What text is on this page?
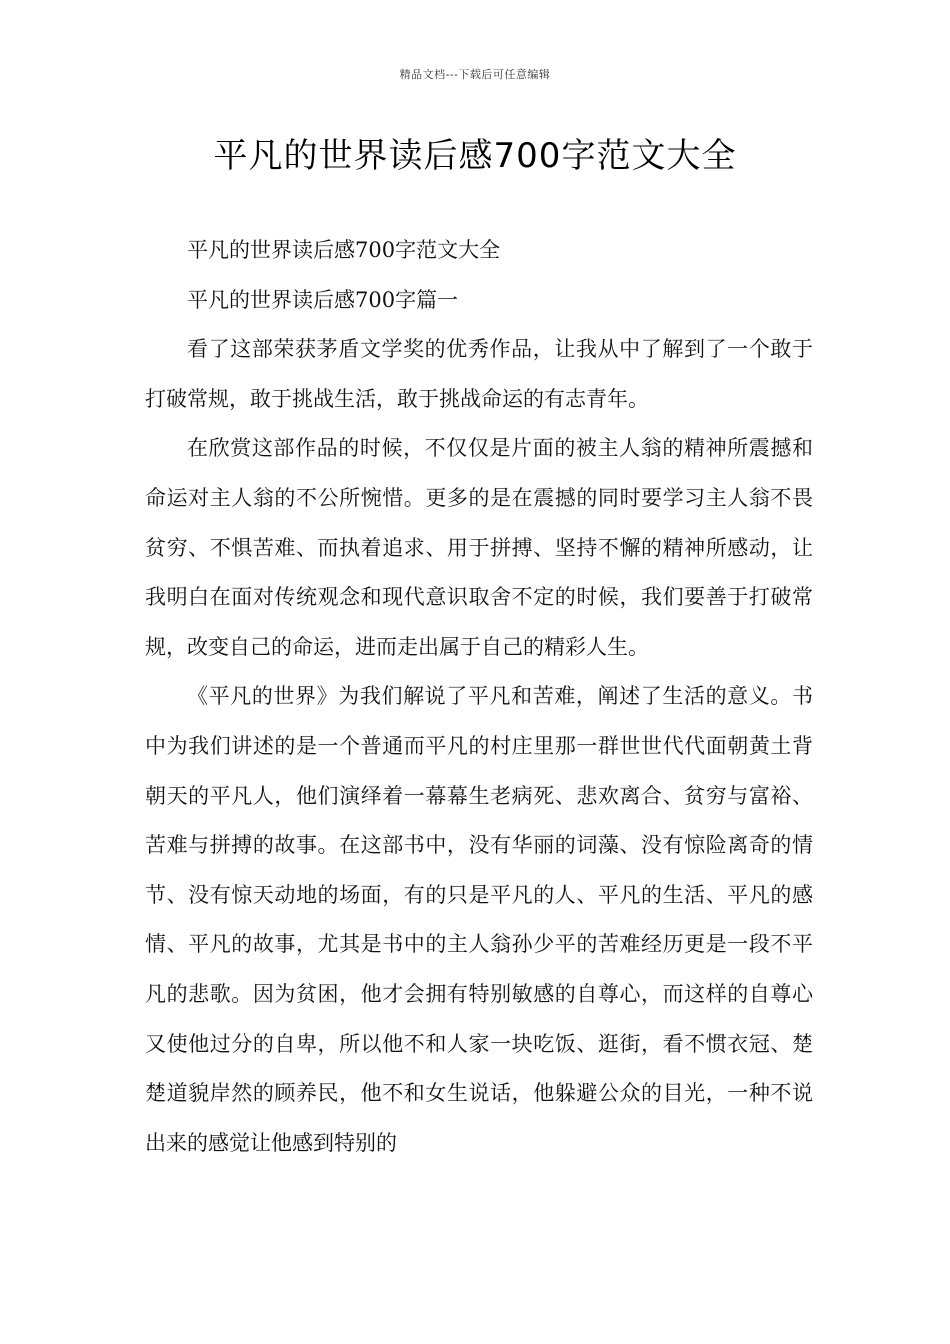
精品文档---下载后可任意编辑
平凡的世界读后感700字范文大全

平凡的世界读后感700字范文大全

平凡的世界读后感700字篇一

看了这部荣获茅盾文学奖的优秀作品，让我从中了解到了一个敢于打破常规，敢于挑战生活，敢于挑战命运的有志青年。

在欣赏这部作品的时候，不仅仅是片面的被主人翁的精神所震撼和命运对主人翁的不公所惋惜。更多的是在震撼的同时要学习主人翁不畏贫穷、不惧苦难、而执着追求、用于拼搏、坚持不懈的精神所感动，让我明白在面对传统观念和现代意识取舍不定的时候，我们要善于打破常规，改变自己的命运，进而走出属于自己的精彩人生。

《平凡的世界》为我们解说了平凡和苦难，阐述了生活的意义。书中为我们讲述的是一个普通而平凡的村庄里那一群世世代代面朝黄土背朝天的平凡人，他们演绎着一幕幕生老病死、悲欢离合、贫穷与富裕、苦难与拼搏的故事。在这部书中，没有华丽的词藻、没有惊险离奇的情节、没有惊天动地的场面，有的只是平凡的人、平凡的生活、平凡的感情、平凡的故事，尤其是书中的主人翁孙少平的苦难经历更是一段不平凡的悲歌。因为贫困，他才会拥有特别敏感的自尊心，而这样的自尊心又使他过分的自卑，所以他不和人家一块吃饭、逛街，看不惯衣冠、楚楚道貌岸然的顾养民，他不和女生说话，他躲避公众的目光，一种不说出来的感觉让他感到特别的
